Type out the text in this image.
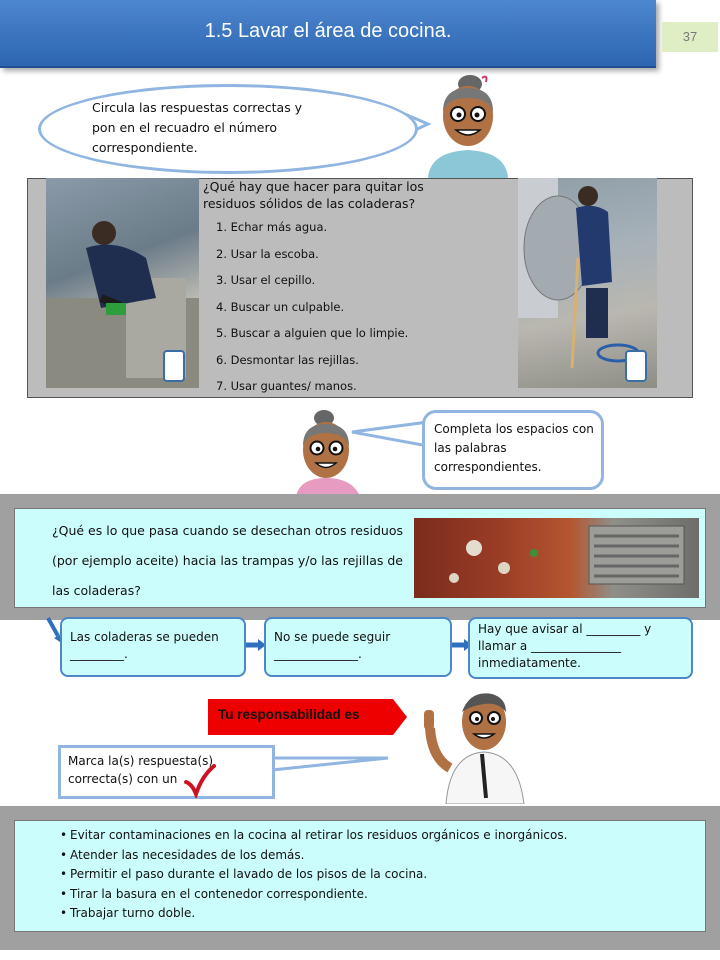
1.5 Lavar el área de cocina.	37
Circula las respuestas correctas y pon en el recuadro el número correspondiente.
¿Qué hay que hacer para quitar los residuos sólidos de las coladeras?
1. Echar más agua.
2. Usar la escoba.
3. Usar el cepillo.
4. Buscar un culpable.
5. Buscar a alguien que lo limpie.
6. Desmontar las rejillas.
7. Usar guantes/ manos.
Completa los espacios con las palabras correspondientes.
¿Qué es lo que pasa cuando se desechan otros residuos (por ejemplo aceite) hacia las trampas y/o las rejillas de las coladeras?
Las coladeras se pueden _________.
No se puede seguir ______________.
Hay que avisar al _________ y llamar a _______________ inmediatamente.
Tu responsabilidad es
Marca la(s) respuesta(s) correcta(s) con un .
• Evitar contaminaciones en la cocina al retirar los residuos orgánicos e inorgánicos.
• Atender las necesidades de los demás.
• Permitir el paso durante el lavado de los pisos de la cocina.
• Tirar la basura en el contenedor correspondiente.
• Trabajar turno doble.
